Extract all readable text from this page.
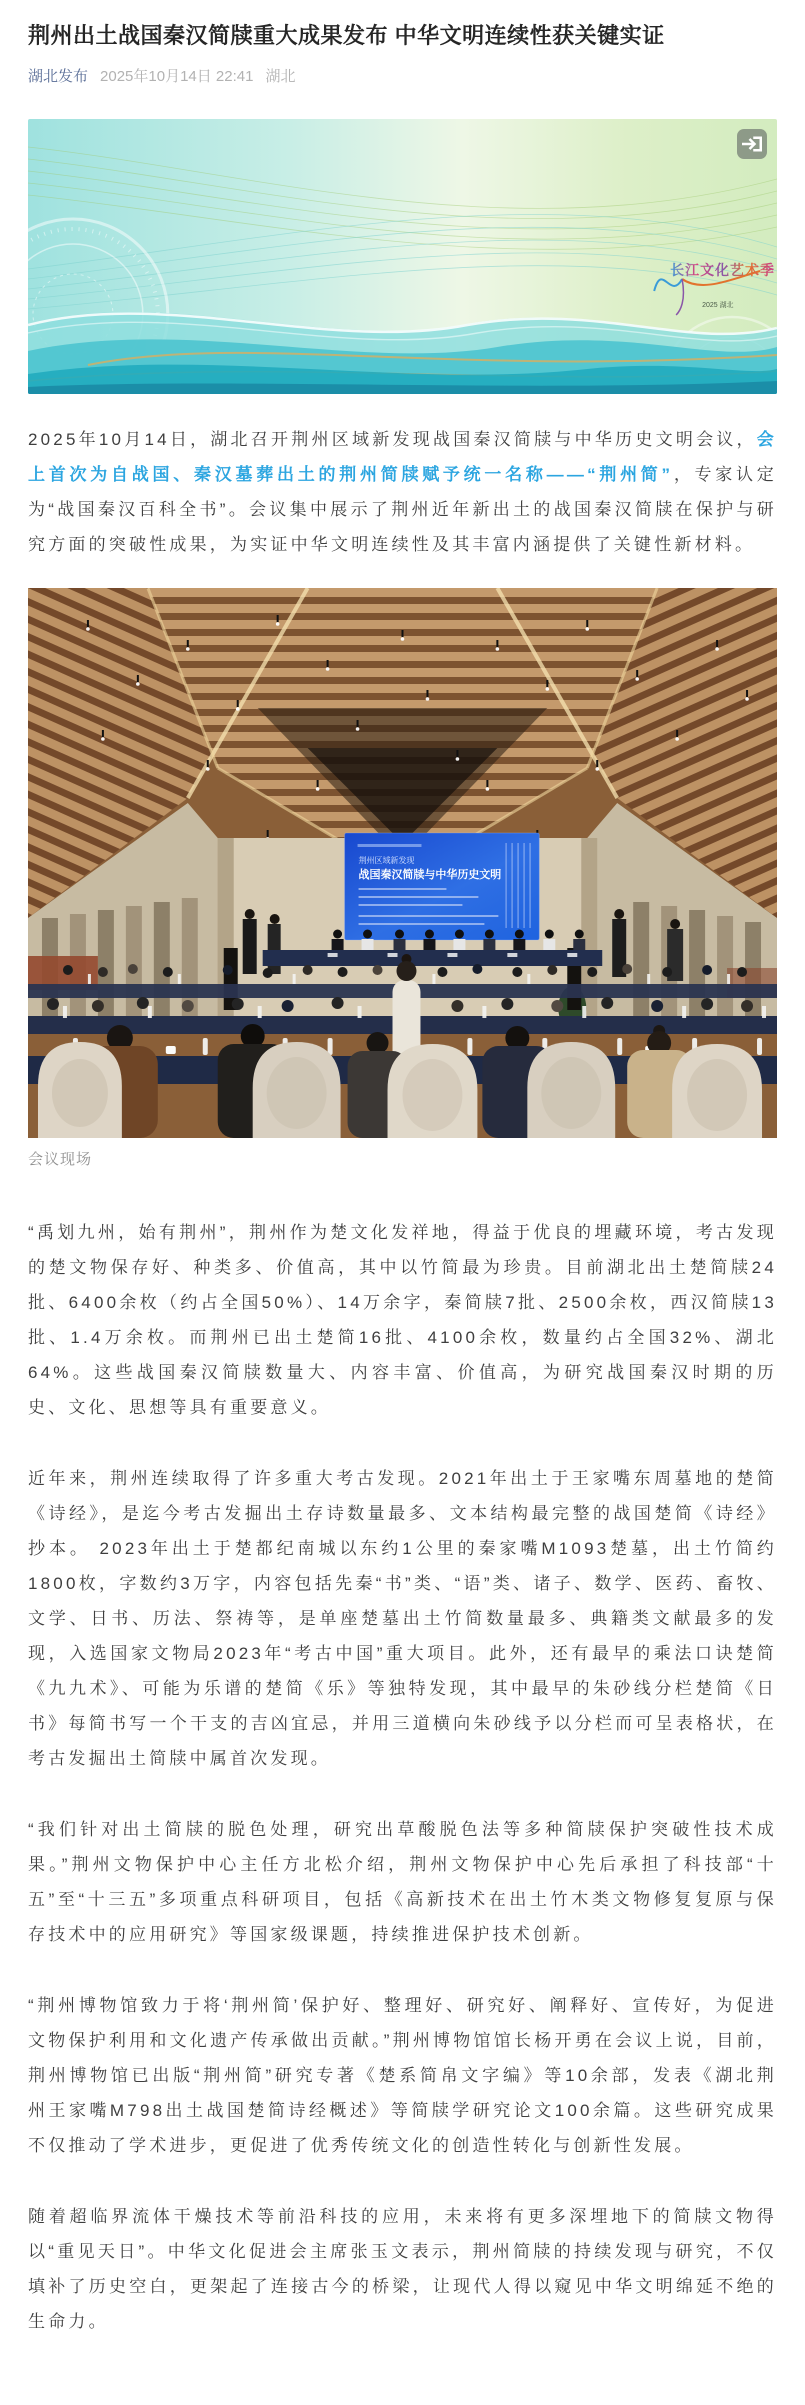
荆州出土战国秦汉简牍重大成果发布 中华文明连续性获关键实证
湖北发布 2025年10月14日 22:41 湖北
长江文化艺术季
2025 湖北

2025年10月14日，湖北召开荆州区域新发现战国秦汉简牍与中华历史文明会议，会上首次为自战国、秦汉墓葬出土的荆州简牍赋予统一名称——“荆州简”，专家认定为“战国秦汉百科全书”。会议集中展示了荆州近年新出土的战国秦汉简牍在保护与研究方面的突破性成果，为实证中华文明连续性及其丰富内涵提供了关键性新材料。

荆州区域新发现
战国秦汉简牍与中华历史文明
会议现场

“禹划九州，始有荆州”，荆州作为楚文化发祥地，得益于优良的埋藏环境，考古发现的楚文物保存好、种类多、价值高，其中以竹简最为珍贵。目前湖北出土楚简牍24批、6400余枚（约占全国50%）、14万余字，秦简牍7批、2500余枚，西汉简牍13批、1.4万余枚。而荆州已出土楚简16批、4100余枚，数量约占全国32%、湖北64%。这些战国秦汉简牍数量大、内容丰富、价值高，为研究战国秦汉时期的历史、文化、思想等具有重要意义。

近年来，荆州连续取得了许多重大考古发现。2021年出土于王家嘴东周墓地的楚简《诗经》，是迄今考古发掘出土存诗数量最多、文本结构最完整的战国楚简《诗经》抄本。 2023年出土于楚都纪南城以东约1公里的秦家嘴M1093楚墓，出土竹简约1800枚，字数约3万字，内容包括先秦“书”类、“语”类、诸子、数学、医药、畜牧、文学、日书、历法、祭祷等，是单座楚墓出土竹简数量最多、典籍类文献最多的发现，入选国家文物局2023年“考古中国”重大项目。此外，还有最早的乘法口诀楚简《九九术》、可能为乐谱的楚简《乐》等独特发现，其中最早的朱砂线分栏楚简《日书》每简书写一个干支的吉凶宜忌，并用三道横向朱砂线予以分栏而可呈表格状，在考古发掘出土简牍中属首次发现。

“我们针对出土简牍的脱色处理，研究出草酸脱色法等多种简牍保护突破性技术成果。”荆州文物保护中心主任方北松介绍，荆州文物保护中心先后承担了科技部“十五”至“十三五”多项重点科研项目，包括《高新技术在出土竹木类文物修复复原与保存技术中的应用研究》等国家级课题，持续推进保护技术创新。

“荆州博物馆致力于将‘荆州简’保护好、整理好、研究好、阐释好、宣传好，为促进文物保护利用和文化遗产传承做出贡献。”荆州博物馆馆长杨开勇在会议上说，目前，荆州博物馆已出版“荆州简”研究专著《楚系简帛文字编》等10余部，发表《湖北荆州王家嘴M798出土战国楚简诗经概述》等简牍学研究论文100余篇。这些研究成果不仅推动了学术进步，更促进了优秀传统文化的创造性转化与创新性发展。

随着超临界流体干燥技术等前沿科技的应用，未来将有更多深埋地下的简牍文物得以“重见天日”。中华文化促进会主席张玉文表示，荆州简牍的持续发现与研究，不仅填补了历史空白，更架起了连接古今的桥梁，让现代人得以窥见中华文明绵延不绝的生命力。
